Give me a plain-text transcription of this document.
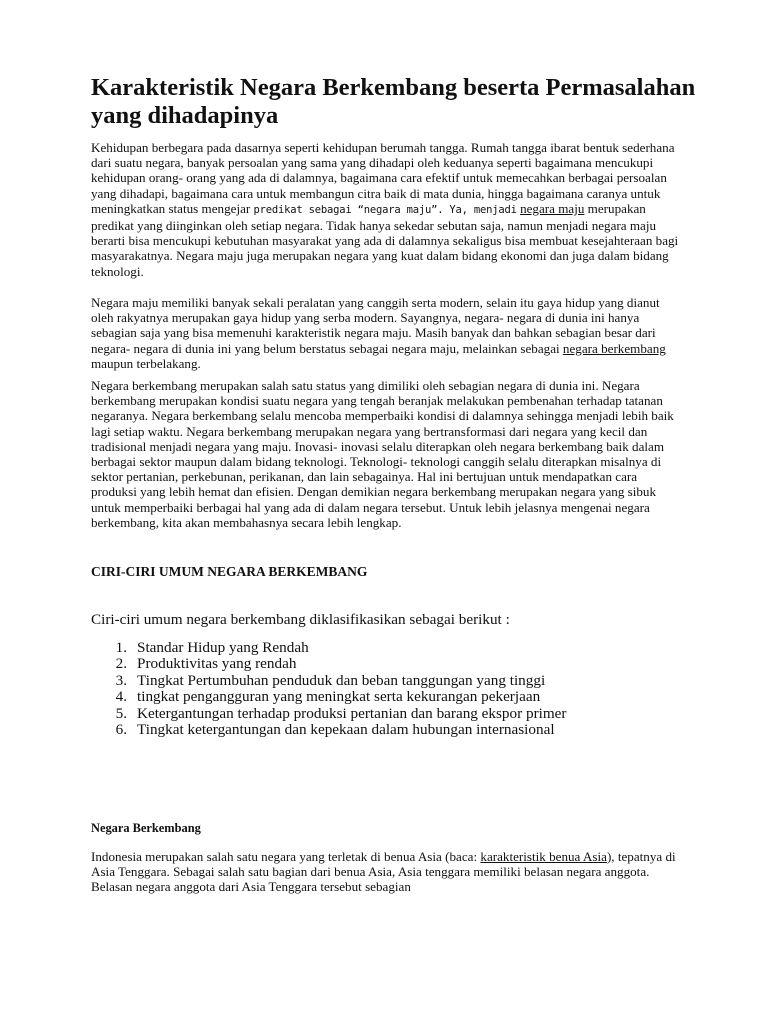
Karakteristik Negara Berkembang beserta Permasalahan yang dihadapinya

Kehidupan berbegara pada dasarnya seperti kehidupan berumah tangga. Rumah tangga ibarat bentuk sederhana dari suatu negara, banyak persoalan yang sama yang dihadapi oleh keduanya seperti bagaimana mencukupi kehidupan orang- orang yang ada di dalamnya, bagaimana cara efektif untuk memecahkan berbagai persoalan yang dihadapi, bagaimana cara untuk membangun citra baik di mata dunia, hingga bagaimana caranya untuk meningkatkan status mengejar predikat sebagai “negara maju”. Ya, menjadi negara maju merupakan predikat yang diinginkan oleh setiap negara. Tidak hanya sekedar sebutan saja, namun menjadi negara maju berarti bisa mencukupi kebutuhan masyarakat yang ada di dalamnya sekaligus bisa membuat kesejahteraan bagi masyarakatnya. Negara maju juga merupakan negara yang kuat dalam bidang ekonomi dan juga dalam bidang teknologi.

Negara maju memiliki banyak sekali peralatan yang canggih serta modern, selain itu gaya hidup yang dianut oleh rakyatnya merupakan gaya hidup yang serba modern. Sayangnya, negara- negara di dunia ini hanya sebagian saja yang bisa memenuhi karakteristik negara maju. Masih banyak dan bahkan sebagian besar dari negara- negara di dunia ini yang belum berstatus sebagai negara maju, melainkan sebagai negara berkembang maupun terbelakang.

Negara berkembang merupakan salah satu status yang dimiliki oleh sebagian negara di dunia ini. Negara berkembang merupakan kondisi suatu negara yang tengah beranjak melakukan pembenahan terhadap tatanan negaranya. Negara berkembang selalu mencoba memperbaiki kondisi di dalamnya sehingga menjadi lebih baik lagi setiap waktu. Negara berkembang merupakan negara yang bertransformasi dari negara yang kecil dan tradisional menjadi negara yang maju. Inovasi- inovasi selalu diterapkan oleh negara berkembang baik dalam berbagai sektor maupun dalam bidang teknologi. Teknologi- teknologi canggih selalu diterapkan misalnya di sektor pertanian, perkebunan, perikanan, dan lain sebagainya. Hal ini bertujuan untuk mendapatkan cara produksi yang lebih hemat dan efisien. Dengan demikian negara berkembang merupakan negara yang sibuk untuk memperbaiki berbagai hal yang ada di dalam negara tersebut. Untuk lebih jelasnya mengenai negara berkembang, kita akan membahasnya secara lebih lengkap.

CIRI-CIRI UMUM NEGARA BERKEMBANG

Ciri-ciri umum negara berkembang diklasifikasikan sebagai berikut :

1. Standar Hidup yang Rendah
2. Produktivitas yang rendah
3. Tingkat Pertumbuhan penduduk dan beban tanggungan yang tinggi
4. tingkat pengangguran yang meningkat serta kekurangan pekerjaan
5. Ketergantungan terhadap produksi pertanian dan barang ekspor primer
6. Tingkat ketergantungan dan kepekaan dalam hubungan internasional
Negara Berkembang

Indonesia merupakan salah satu negara yang terletak di benua Asia (baca: karakteristik benua Asia), tepatnya di Asia Tenggara. Sebagai salah satu bagian dari benua Asia, Asia tenggara memiliki belasan negara anggota. Belasan negara anggota dari Asia Tenggara tersebut sebagian
